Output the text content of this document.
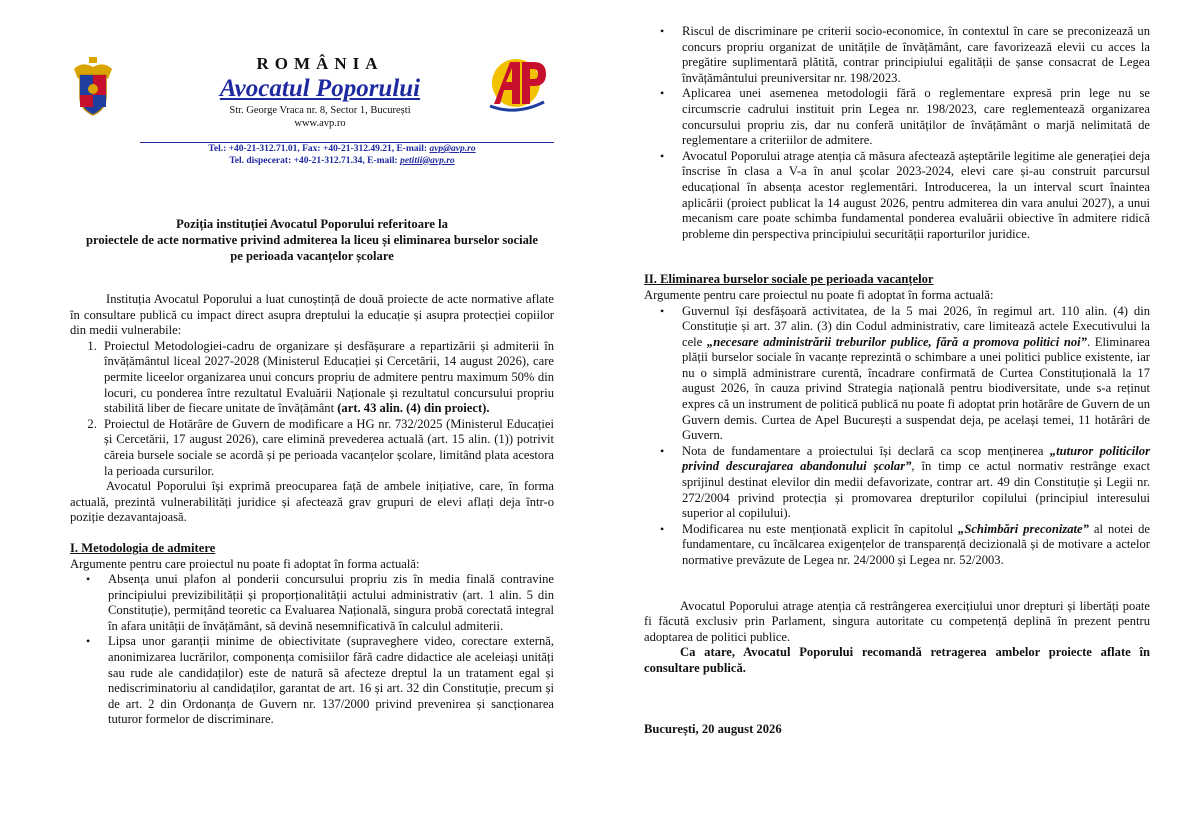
ROMÂNIA
Avocatul Poporului
Str. George Vraca nr. 8, Sector 1, București
www.avp.ro
Tel.: +40-21-312.71.01, Fax: +40-21-312.49.21, E-mail: avp@avp.ro
Tel. dispecerat: +40-21-312.71.34, E-mail: petitii@avp.ro
Poziția instituției Avocatul Poporului referitoare la
proiectele de acte normative privind admiterea la liceu și eliminarea burselor sociale
pe perioada vacanțelor școlare

Instituția Avocatul Poporului a luat cunoștință de două proiecte de acte normative aflate în consultare publică cu impact direct asupra dreptului la educație și asupra protecției copiilor din medii vulnerabile:

1. Proiectul Metodologiei-cadru de organizare și desfășurare a repartizării și admiterii în învățământul liceal 2027-2028 (Ministerul Educației și Cercetării, 14 august 2026), care permite liceelor organizarea unui concurs propriu de admitere pentru maximum 50% din locuri, cu ponderea între rezultatul Evaluării Naționale și rezultatul concursului propriu stabilită liber de fiecare unitate de învățământ (art. 43 alin. (4) din proiect).
2. Proiectul de Hotărâre de Guvern de modificare a HG nr. 732/2025 (Ministerul Educației și Cercetării, 17 august 2026), care elimină prevederea actuală (art. 15 alin. (1)) potrivit căreia bursele sociale se acordă și pe perioada vacanțelor școlare, limitând plata acestora la perioada cursurilor.

Avocatul Poporului își exprimă preocuparea față de ambele inițiative, care, în forma actuală, prezintă vulnerabilități juridice și afectează grav grupuri de elevi aflați deja într-o poziție dezavantajoasă.

I. Metodologia de admitere

Argumente pentru care proiectul nu poate fi adoptat în forma actuală:

• Absența unui plafon al ponderii concursului propriu zis în media finală contravine principiului previzibilității și proporționalității actului administrativ (art. 1 alin. 5 din Constituție), permițând teoretic ca Evaluarea Națională, singura probă corectată integral în afara unității de învățământ, să devină nesemnificativă în calculul admiterii.
• Lipsa unor garanții minime de obiectivitate (supraveghere video, corectare externă, anonimizarea lucrărilor, componența comisiilor fără cadre didactice ale aceleiași unități sau rude ale candidaților) este de natură să afecteze dreptul la un tratament egal și nediscriminatoriu al candidaților, garantat de art. 16 și art. 32 din Constituție, precum și de art. 2 din Ordonanța de Guvern nr. 137/2000 privind prevenirea și sancționarea tuturor formelor de discriminare.
• Riscul de discriminare pe criterii socio-economice, în contextul în care se preconizează un concurs propriu organizat de unitățile de învățământ, care favorizează elevii cu acces la pregătire suplimentară plătită, contrar principiului egalității de șanse consacrat de Legea învățământului preuniversitar nr. 198/2023.
• Aplicarea unei asemenea metodologii fără o reglementare expresă prin lege nu se circumscrie cadrului instituit prin Legea nr. 198/2023, care reglementează organizarea concursului propriu zis, dar nu conferă unităților de învățământ o marjă nelimitată de reglementare a criteriilor de admitere.
• Avocatul Poporului atrage atenția că măsura afectează așteptările legitime ale generației deja înscrise în clasa a V-a în anul școlar 2023-2024, elevi care și-au construit parcursul educațional în absența acestor reglementări. Introducerea, la un interval scurt înaintea aplicării (proiect publicat la 14 august 2026, pentru admiterea din vara anului 2027), a unui mecanism care poate schimba fundamental ponderea evaluării obiective în admitere ridică probleme din perspectiva principiului securității raporturilor juridice.
II. Eliminarea burselor sociale pe perioada vacanțelor

Argumente pentru care proiectul nu poate fi adoptat în forma actuală:

• Guvernul își desfășoară activitatea, de la 5 mai 2026, în regimul art. 110 alin. (4) din Constituție și art. 37 alin. (3) din Codul administrativ, care limitează actele Executivului la cele „necesare administrării treburilor publice, fără a promova politici noi”. Eliminarea plății burselor sociale în vacanțe reprezintă o schimbare a unei politici publice existente, iar nu o simplă administrare curentă, încadrare confirmată de Curtea Constituțională la 17 august 2026, în cauza privind Strategia națională pentru biodiversitate, unde s-a reținut expres că un instrument de politică publică nu poate fi adoptat prin hotărâre de Guvern de un Guvern demis. Curtea de Apel București a suspendat deja, pe același temei, 11 hotărâri de Guvern.
• Nota de fundamentare a proiectului își declară ca scop menținerea „tuturor politicilor privind descurajarea abandonului școlar”, în timp ce actul normativ restrânge exact sprijinul destinat elevilor din medii defavorizate, contrar art. 49 din Constituție și Legii nr. 272/2004 privind protecția și promovarea drepturilor copilului (principiul interesului superior al copilului).
• Modificarea nu este menționată explicit în capitolul „Schimbări preconizate” al notei de fundamentare, cu încălcarea exigențelor de transparență decizională și de motivare a actelor normative prevăzute de Legea nr. 24/2000 și Legea nr. 52/2003.

Avocatul Poporului atrage atenția că restrângerea exercițiului unor drepturi și libertăți poate fi făcută exclusiv prin Parlament, singura autoritate cu competență deplină în prezent pentru adoptarea de politici publice.

Ca atare, Avocatul Poporului recomandă retragerea ambelor proiecte aflate în consultare publică.

București, 20 august 2026
